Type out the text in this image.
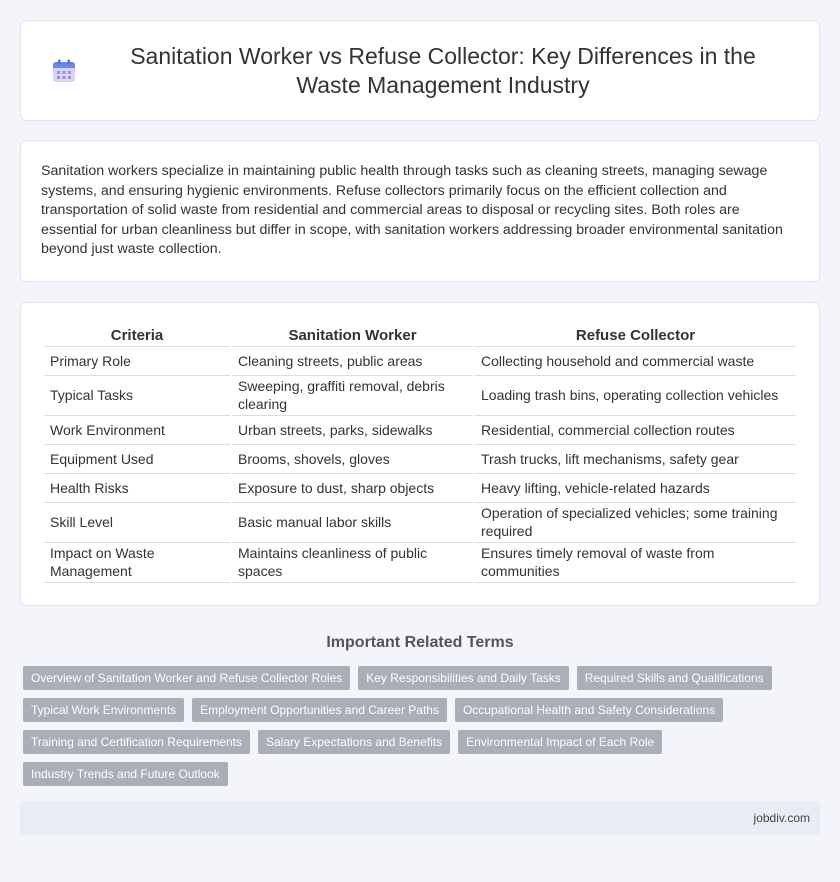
Sanitation Worker vs Refuse Collector: Key Differences in the Waste Management Industry

Sanitation workers specialize in maintaining public health through tasks such as cleaning streets, managing sewage systems, and ensuring hygienic environments. Refuse collectors primarily focus on the efficient collection and transportation of solid waste from residential and commercial areas to disposal or recycling sites. Both roles are essential for urban cleanliness but differ in scope, with sanitation workers addressing broader environmental sanitation beyond just waste collection.

Criteria	Sanitation Worker	Refuse Collector
Primary Role	Cleaning streets, public areas	Collecting household and commercial waste
Typical Tasks	Sweeping, graffiti removal, debris clearing	Loading trash bins, operating collection vehicles
Work Environment	Urban streets, parks, sidewalks	Residential, commercial collection routes
Equipment Used	Brooms, shovels, gloves	Trash trucks, lift mechanisms, safety gear
Health Risks	Exposure to dust, sharp objects	Heavy lifting, vehicle-related hazards
Skill Level	Basic manual labor skills	Operation of specialized vehicles; some training required
Impact on Waste Management	Maintains cleanliness of public spaces	Ensures timely removal of waste from communities
Important Related Terms
Overview of Sanitation Worker and Refuse Collector Roles	Key Responsibilities and Daily Tasks	Required Skills and Qualifications
Typical Work Environments	Employment Opportunities and Career Paths	Occupational Health and Safety Considerations
Training and Certification Requirements	Salary Expectations and Benefits	Environmental Impact of Each Role
Industry Trends and Future Outlook
jobdiv.com
